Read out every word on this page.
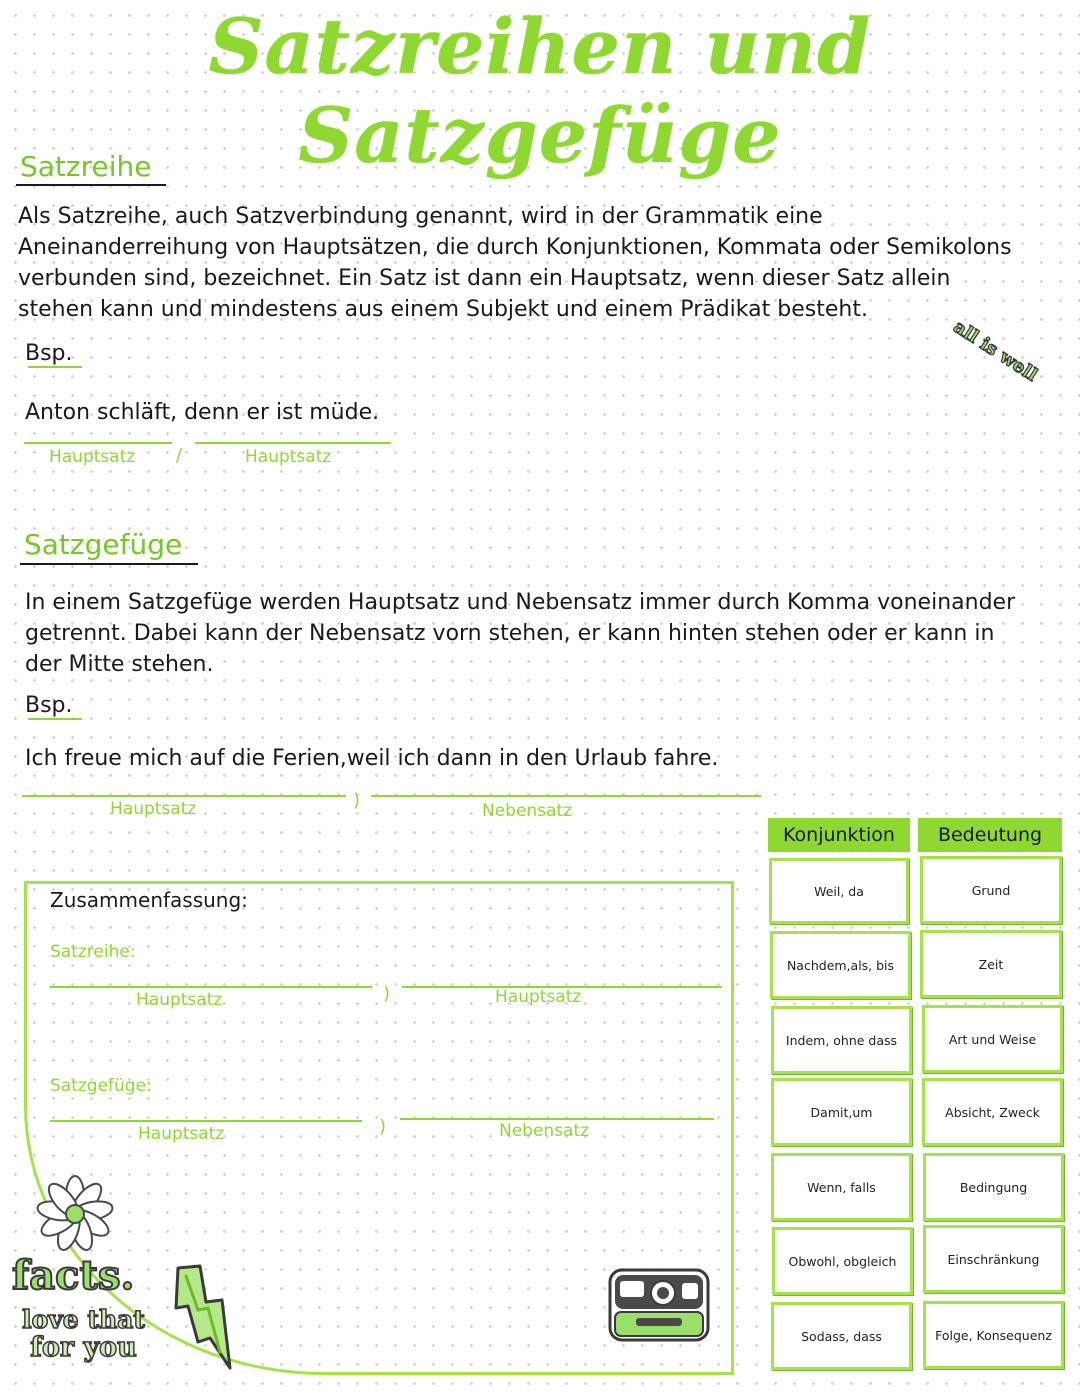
Satzreihen und Satzgefüge
Satzreihe
Als Satzreihe, auch Satzverbindung genannt, wird in der Grammatik eine
Aneinanderreihung von Hauptsätzen, die durch Konjunktionen, Kommata oder Semikolons
verbunden sind, bezeichnet. Ein Satz ist dann ein Hauptsatz, wenn dieser Satz allein
stehen kann und mindestens aus einem Subjekt und einem Prädikat besteht.
Bsp.
Anton schläft, denn er ist müde.
Hauptsatz /	Hauptsatz
Satzgefüge
In einem Satzgefüge werden Hauptsatz und Nebensatz immer durch Komma voneinander
getrennt. Dabei kann der Nebensatz vorn stehen, er kann hinten stehen oder er kann in
der Mitte stehen.
Bsp.
Ich freue mich auf die Ferien,weil ich dann in den Urlaub fahre.
Hauptsatz	)	Nebensatz
Konjunktion	Bedeutung
Weil, da	Grund
Nachdem,als, bis	Zeit
Indem, ohne dass	Art und Weise
Damit,um	Absicht, Zweck
Wenn, falls	Bedingung
Obwohl, obgleich	Einschränkung
Sodass, dass	Folge, Konsequenz
Zusammenfassung:
Satzreihe:
Hauptsatz	)	Hauptsatz
Satzgefüge:
Hauptsatz	)	Nebensatz
all is well
facts.
love that
for you
